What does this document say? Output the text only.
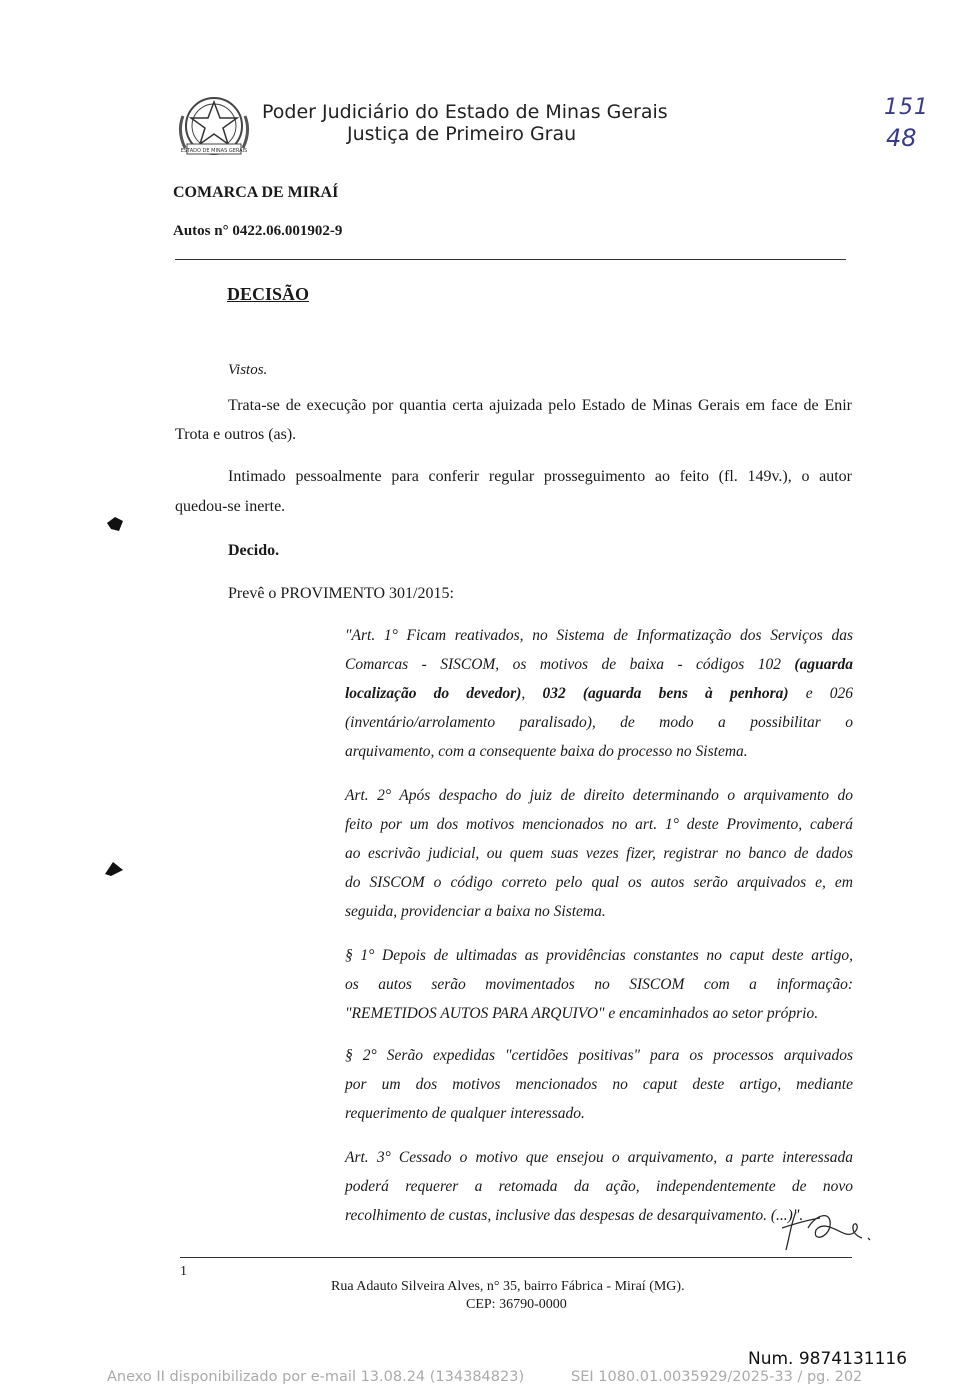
ESTADO DE MINAS GERAIS
Poder Judiciário do Estado de Minas Gerais
Justiça de Primeiro Grau
151
48
COMARCA DE MIRAÍ
Autos n° 0422.06.001902-9
DECISÃO
Vistos.
Trata-se de execução por quantia certa ajuizada pelo Estado de Minas Gerais em face de Enir
Trota e outros (as).
Intimado pessoalmente para conferir regular prosseguimento ao feito (fl. 149v.), o autor
quedou-se inerte.
Decido.
Prevê o PROVIMENTO 301/2015:
"Art. 1° Ficam reativados, no Sistema de Informatização dos Serviços das
Comarcas - SISCOM, os motivos de baixa - códigos 102 (aguarda
localização do devedor), 032 (aguarda bens à penhora) e 026
(inventário/arrolamento paralisado), de modo a possibilitar o
arquivamento, com a consequente baixa do processo no Sistema.
Art. 2° Após despacho do juiz de direito determinando o arquivamento do
feito por um dos motivos mencionados no art. 1° deste Provimento, caberá
ao escrivão judicial, ou quem suas vezes fizer, registrar no banco de dados
do SISCOM o código correto pelo qual os autos serão arquivados e, em
seguida, providenciar a baixa no Sistema.
§ 1° Depois de ultimadas as providências constantes no caput deste artigo,
os autos serão movimentados no SISCOM com a informação:
"REMETIDOS AUTOS PARA ARQUIVO" e encaminhados ao setor próprio.
§ 2° Serão expedidas "certidões positivas" para os processos arquivados
por um dos motivos mencionados no caput deste artigo, mediante
requerimento de qualquer interessado.
Art. 3° Cessado o motivo que ensejou o arquivamento, a parte interessada
poderá requerer a retomada da ação, independentemente de novo
recolhimento de custas, inclusive das despesas de desarquivamento. (...)".
1
Rua Adauto Silveira Alves, n° 35, bairro Fábrica - Miraí (MG).
CEP: 36790-0000
Num. 9874131116
Anexo II disponibilizado por e-mail 13.08.24 (134384823)	SEI 1080.01.0035929/2025-33 / pg. 202
